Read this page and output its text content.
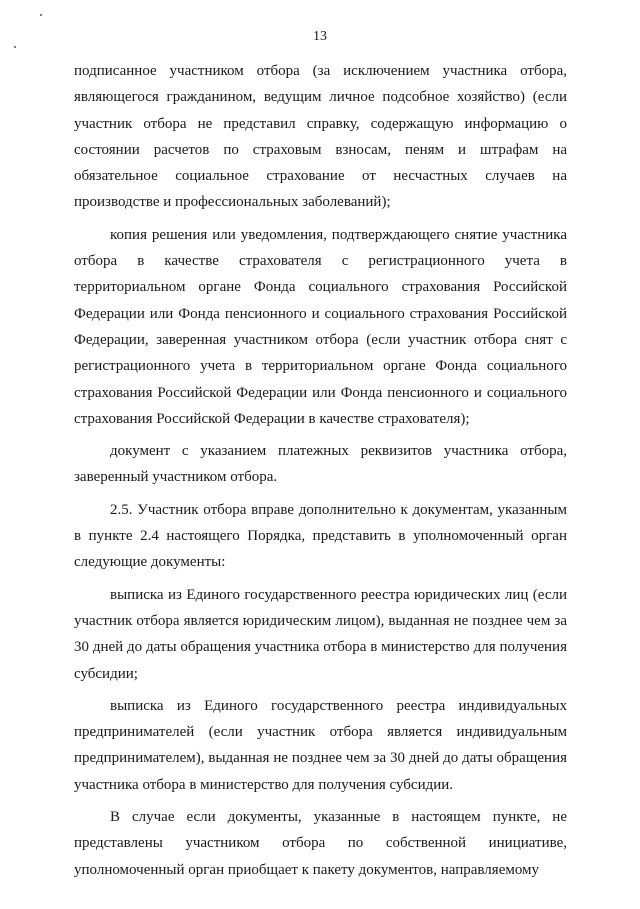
13

подписанное участником отбора (за исключением участника отбора, являющегося гражданином, ведущим личное подсобное хозяйство) (если участник отбора не представил справку, содержащую информацию о состоянии расчетов по страховым взносам, пеням и штрафам на обязательное социальное страхование от несчастных случаев на производстве и профессиональных заболеваний);

копия решения или уведомления, подтверждающего снятие участника отбора в качестве страхователя с регистрационного учета в территориальном органе Фонда социального страхования Российской Федерации или Фонда пенсионного и социального страхования Российской Федерации, заверенная участником отбора (если участник отбора снят с регистрационного учета в территориальном органе Фонда социального страхования Российской Федерации или Фонда пенсионного и социального страхования Российской Федерации в качестве страхователя);

документ с указанием платежных реквизитов участника отбора, заверенный участником отбора.

2.5. Участник отбора вправе дополнительно к документам, указанным в пункте 2.4 настоящего Порядка, представить в уполномоченный орган следующие документы:

выписка из Единого государственного реестра юридических лиц (если участник отбора является юридическим лицом), выданная не позднее чем за 30 дней до даты обращения участника отбора в министерство для получения субсидии;

выписка из Единого государственного реестра индивидуальных предпринимателей (если участник отбора является индивидуальным предпринимателем), выданная не позднее чем за 30 дней до даты обращения участника отбора в министерство для получения субсидии.

В случае если документы, указанные в настоящем пункте, не представлены участником отбора по собственной инициативе, уполномоченный орган приобщает к пакету документов, направляемому
